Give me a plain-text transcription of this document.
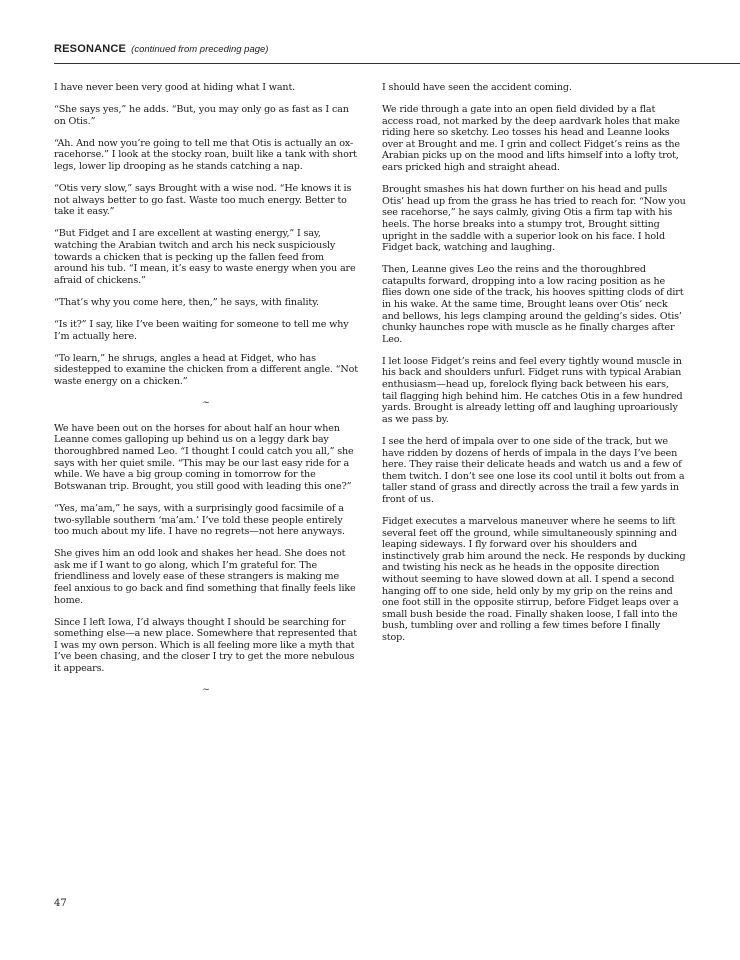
RESONANCE (continued from preceding page)

I have never been very good at hiding what I want.

“She says yes,” he adds. “But, you may only go as fast as I can on Otis.”

“Ah. And now you’re going to tell me that Otis is actually an ox-racehorse.” I look at the stocky roan, built like a tank with short legs, lower lip drooping as he stands catching a nap.

“Otis very slow,” says Brought with a wise nod. “He knows it is not always better to go fast. Waste too much energy. Better to take it easy.”

“But Fidget and I are excellent at wasting energy,” I say, watching the Arabian twitch and arch his neck suspiciously towards a chicken that is pecking up the fallen feed from around his tub. “I mean, it’s easy to waste energy when you are afraid of chickens.”

“That’s why you come here, then,” he says, with finality.

“Is it?” I say, like I’ve been waiting for someone to tell me why I’m actually here.

“To learn,” he shrugs, angles a head at Fidget, who has sidestepped to examine the chicken from a different angle. “Not waste energy on a chicken.”

~

We have been out on the horses for about half an hour when Leanne comes galloping up behind us on a leggy dark bay thoroughbred named Leo. “I thought I could catch you all,” she says with her quiet smile. “This may be our last easy ride for a while. We have a big group coming in tomorrow for the Botswanan trip. Brought, you still good with leading this one?”

“Yes, ma’am,” he says, with a surprisingly good facsimile of a two-syllable southern ‘ma’am.’ I’ve told these people entirely too much about my life. I have no regrets—not here anyways.

She gives him an odd look and shakes her head. She does not ask me if I want to go along, which I’m grateful for. The friendliness and lovely ease of these strangers is making me feel anxious to go back and find something that finally feels like home.

Since I left Iowa, I’d always thought I should be searching for something else—a new place. Somewhere that represented that I was my own person. Which is all feeling more like a myth that I’ve been chasing, and the closer I try to get the more nebulous it appears.

~

I should have seen the accident coming.

We ride through a gate into an open field divided by a flat access road, not marked by the deep aardvark holes that make riding here so sketchy. Leo tosses his head and Leanne looks over at Brought and me. I grin and collect Fidget’s reins as the Arabian picks up on the mood and lifts himself into a lofty trot, ears pricked high and straight ahead.

Brought smashes his hat down further on his head and pulls Otis’ head up from the grass he has tried to reach for. “Now you see racehorse,” he says calmly, giving Otis a firm tap with his heels. The horse breaks into a stumpy trot, Brought sitting upright in the saddle with a superior look on his face. I hold Fidget back, watching and laughing.

Then, Leanne gives Leo the reins and the thoroughbred catapults forward, dropping into a low racing position as he flies down one side of the track, his hooves spitting clods of dirt in his wake. At the same time, Brought leans over Otis’ neck and bellows, his legs clamping around the gelding’s sides. Otis’ chunky haunches rope with muscle as he finally charges after Leo.

I let loose Fidget’s reins and feel every tightly wound muscle in his back and shoulders unfurl. Fidget runs with typical Arabian enthusiasm—head up, forelock flying back between his ears, tail flagging high behind him. He catches Otis in a few hundred yards. Brought is already letting off and laughing uproariously as we pass by.

I see the herd of impala over to one side of the track, but we have ridden by dozens of herds of impala in the days I’ve been here. They raise their delicate heads and watch us and a few of them twitch. I don’t see one lose its cool until it bolts out from a taller stand of grass and directly across the trail a few yards in front of us.

Fidget executes a marvelous maneuver where he seems to lift several feet off the ground, while simultaneously spinning and leaping sideways. I fly forward over his shoulders and instinctively grab him around the neck. He responds by ducking and twisting his neck as he heads in the opposite direction without seeming to have slowed down at all. I spend a second hanging off to one side, held only by my grip on the reins and one foot still in the opposite stirrup, before Fidget leaps over a small bush beside the road. Finally shaken loose, I fall into the bush, tumbling over and rolling a few times before I finally stop.

47
